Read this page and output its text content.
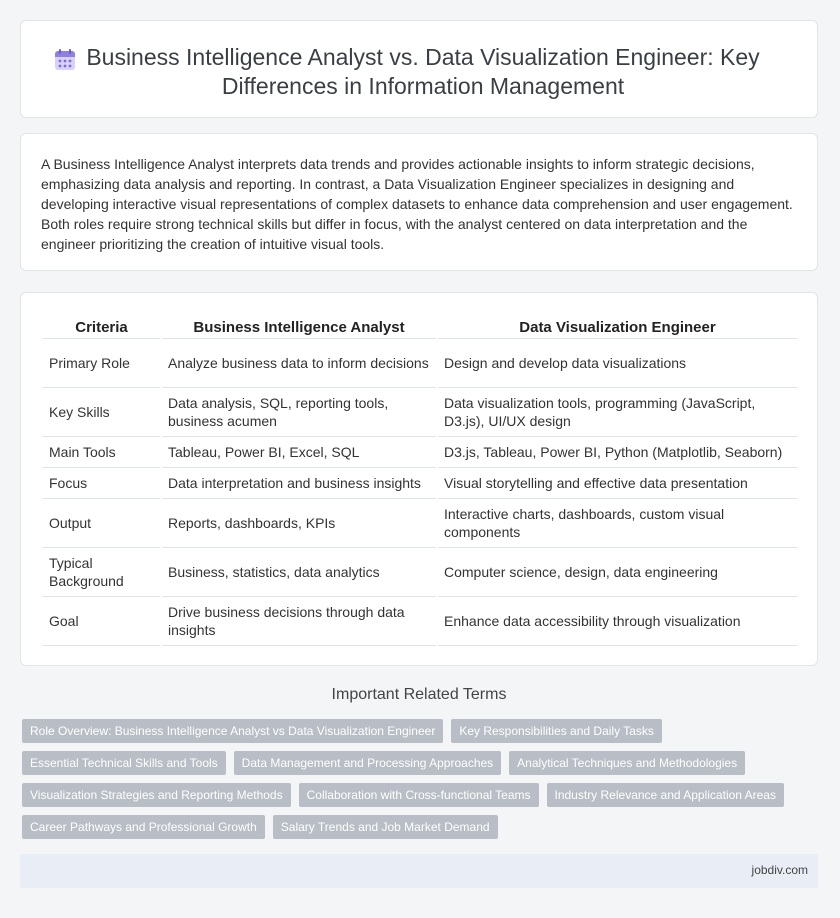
Business Intelligence Analyst vs. Data Visualization Engineer: Key Differences in Information Management

A Business Intelligence Analyst interprets data trends and provides actionable insights to inform strategic decisions, emphasizing data analysis and reporting. In contrast, a Data Visualization Engineer specializes in designing and developing interactive visual representations of complex datasets to enhance data comprehension and user engagement. Both roles require strong technical skills but differ in focus, with the analyst centered on data interpretation and the engineer prioritizing the creation of intuitive visual tools.

Criteria	Business Intelligence Analyst	Data Visualization Engineer
Primary Role	Analyze business data to inform decisions	Design and develop data visualizations
Key Skills	Data analysis, SQL, reporting tools, business acumen	Data visualization tools, programming (JavaScript, D3.js), UI/UX design
Main Tools	Tableau, Power BI, Excel, SQL	D3.js, Tableau, Power BI, Python (Matplotlib, Seaborn)
Focus	Data interpretation and business insights	Visual storytelling and effective data presentation
Output	Reports, dashboards, KPIs	Interactive charts, dashboards, custom visual components
Typical Background	Business, statistics, data analytics	Computer science, design, data engineering
Goal	Drive business decisions through data insights	Enhance data accessibility through visualization
Important Related Terms
Role Overview: Business Intelligence Analyst vs Data Visualization Engineer Key Responsibilities and Daily Tasks
Essential Technical Skills and Tools Data Management and Processing Approaches Analytical Techniques and Methodologies
Visualization Strategies and Reporting Methods Collaboration with Cross-functional Teams Industry Relevance and Application Areas
Career Pathways and Professional Growth Salary Trends and Job Market Demand
jobdiv.com
